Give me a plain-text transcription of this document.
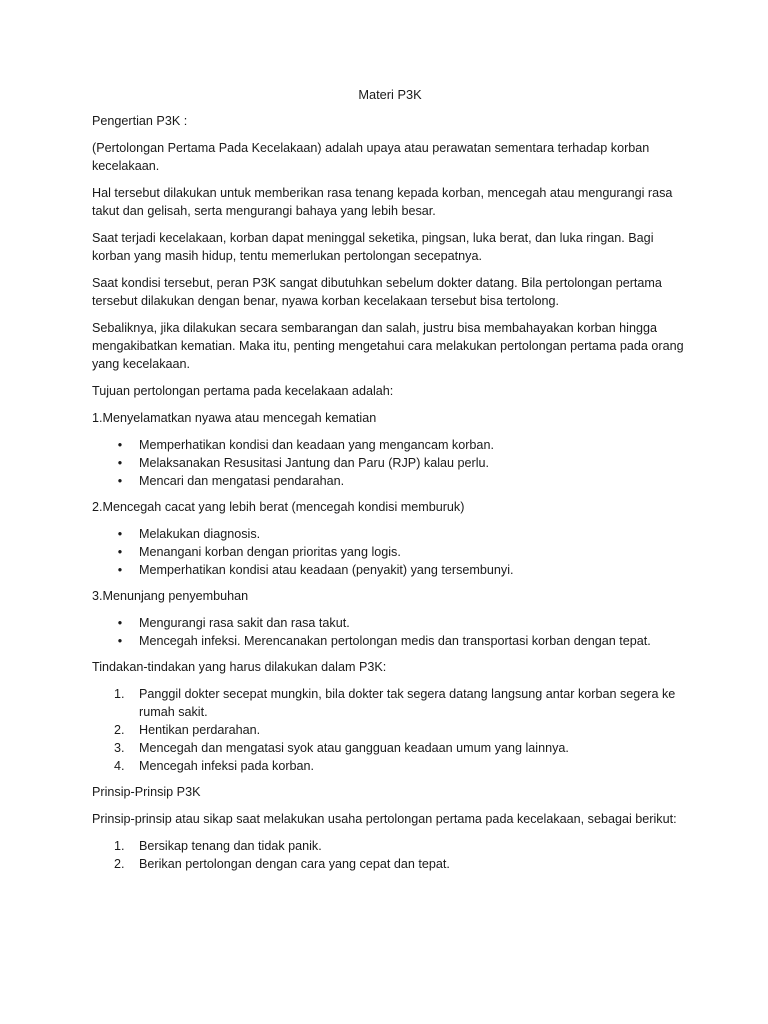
Materi P3K

Pengertian P3K :

(Pertolongan Pertama Pada Kecelakaan) adalah upaya atau perawatan sementara terhadap korban kecelakaan.

Hal tersebut dilakukan untuk memberikan rasa tenang kepada korban, mencegah atau mengurangi rasa takut dan gelisah, serta mengurangi bahaya yang lebih besar.

Saat terjadi kecelakaan, korban dapat meninggal seketika, pingsan, luka berat, dan luka ringan. Bagi korban yang masih hidup, tentu memerlukan pertolongan secepatnya.

Saat kondisi tersebut, peran P3K sangat dibutuhkan sebelum dokter datang. Bila pertolongan pertama tersebut dilakukan dengan benar, nyawa korban kecelakaan tersebut bisa tertolong.

Sebaliknya, jika dilakukan secara sembarangan dan salah, justru bisa membahayakan korban hingga mengakibatkan kematian. Maka itu, penting mengetahui cara melakukan pertolongan pertama pada orang yang kecelakaan.

Tujuan pertolongan pertama pada kecelakaan adalah:

1.Menyelamatkan nyawa atau mencegah kematian

•	Memperhatikan kondisi dan keadaan yang mengancam korban.
•	Melaksanakan Resusitasi Jantung dan Paru (RJP) kalau perlu.
•	Mencari dan mengatasi pendarahan.

2.Mencegah cacat yang lebih berat (mencegah kondisi memburuk)

•	Melakukan diagnosis.
•	Menangani korban dengan prioritas yang logis.
•	Memperhatikan kondisi atau keadaan (penyakit) yang tersembunyi.

3.Menunjang penyembuhan

•	Mengurangi rasa sakit dan rasa takut.
•	Mencegah infeksi. Merencanakan pertolongan medis dan transportasi korban dengan tepat.

Tindakan-tindakan yang harus dilakukan dalam P3K:

1. Panggil dokter secepat mungkin, bila dokter tak segera datang langsung antar korban segera ke rumah sakit.
2. Hentikan perdarahan.
3. Mencegah dan mengatasi syok atau gangguan keadaan umum yang lainnya.
4. Mencegah infeksi pada korban.

Prinsip-Prinsip P3K

Prinsip-prinsip atau sikap saat melakukan usaha pertolongan pertama pada kecelakaan, sebagai berikut:

1. Bersikap tenang dan tidak panik.
2. Berikan pertolongan dengan cara yang cepat dan tepat.
